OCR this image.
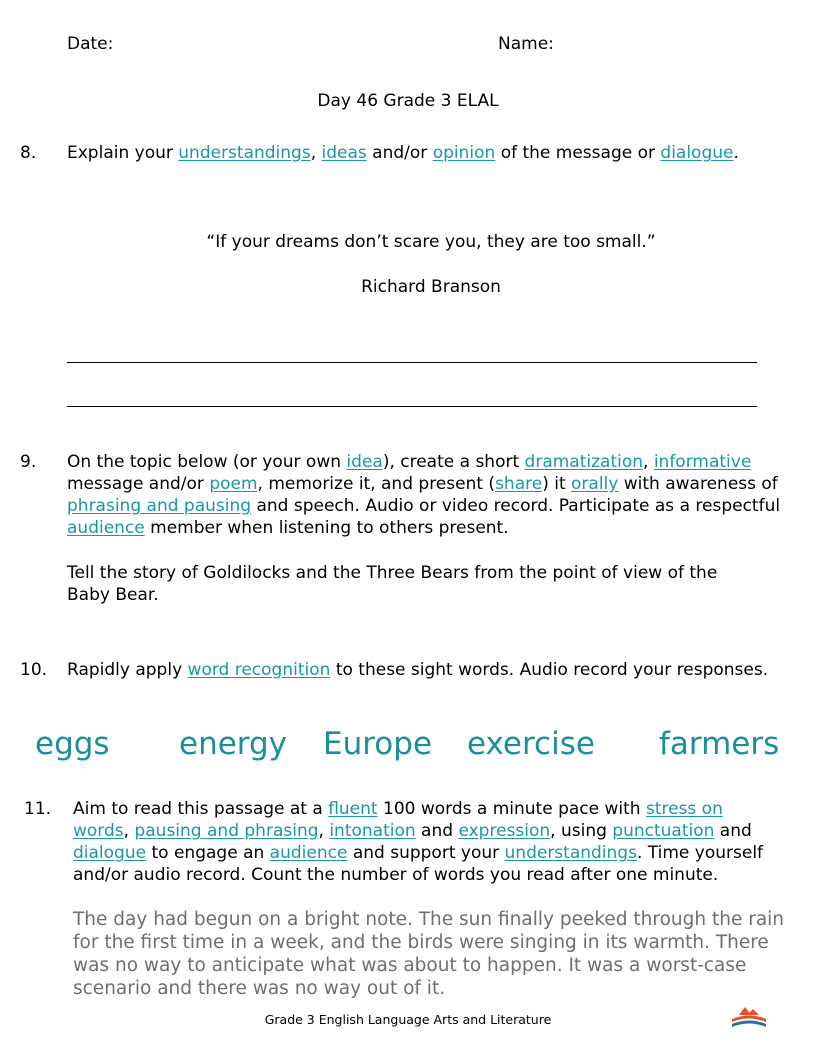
Date:	Name:
Day 46 Grade 3 ELAL
8. Explain your understandings, ideas and/or opinion of the message or dialogue.
“If your dreams don’t scare you, they are too small.”
Richard Branson
9. On the topic below (or your own idea), create a short dramatization, informative
message and/or poem, memorize it, and present (share) it orally with awareness of
phrasing and pausing and speech. Audio or video record. Participate as a respectful
audience member when listening to others present.
Tell the story of Goldilocks and the Three Bears from the point of view of the
Baby Bear.
10. Rapidly apply word recognition to these sight words. Audio record your responses.
eggs energy Europe exercise farmers
11. Aim to read this passage at a fluent 100 words a minute pace with stress on
words, pausing and phrasing, intonation and expression, using punctuation and
dialogue to engage an audience and support your understandings. Time yourself
and/or audio record. Count the number of words you read after one minute.
The day had begun on a bright note. The sun finally peeked through the rain
for the first time in a week, and the birds were singing in its warmth. There
was no way to anticipate what was about to happen. It was a worst-case
scenario and there was no way out of it.
Grade 3 English Language Arts and Literature
